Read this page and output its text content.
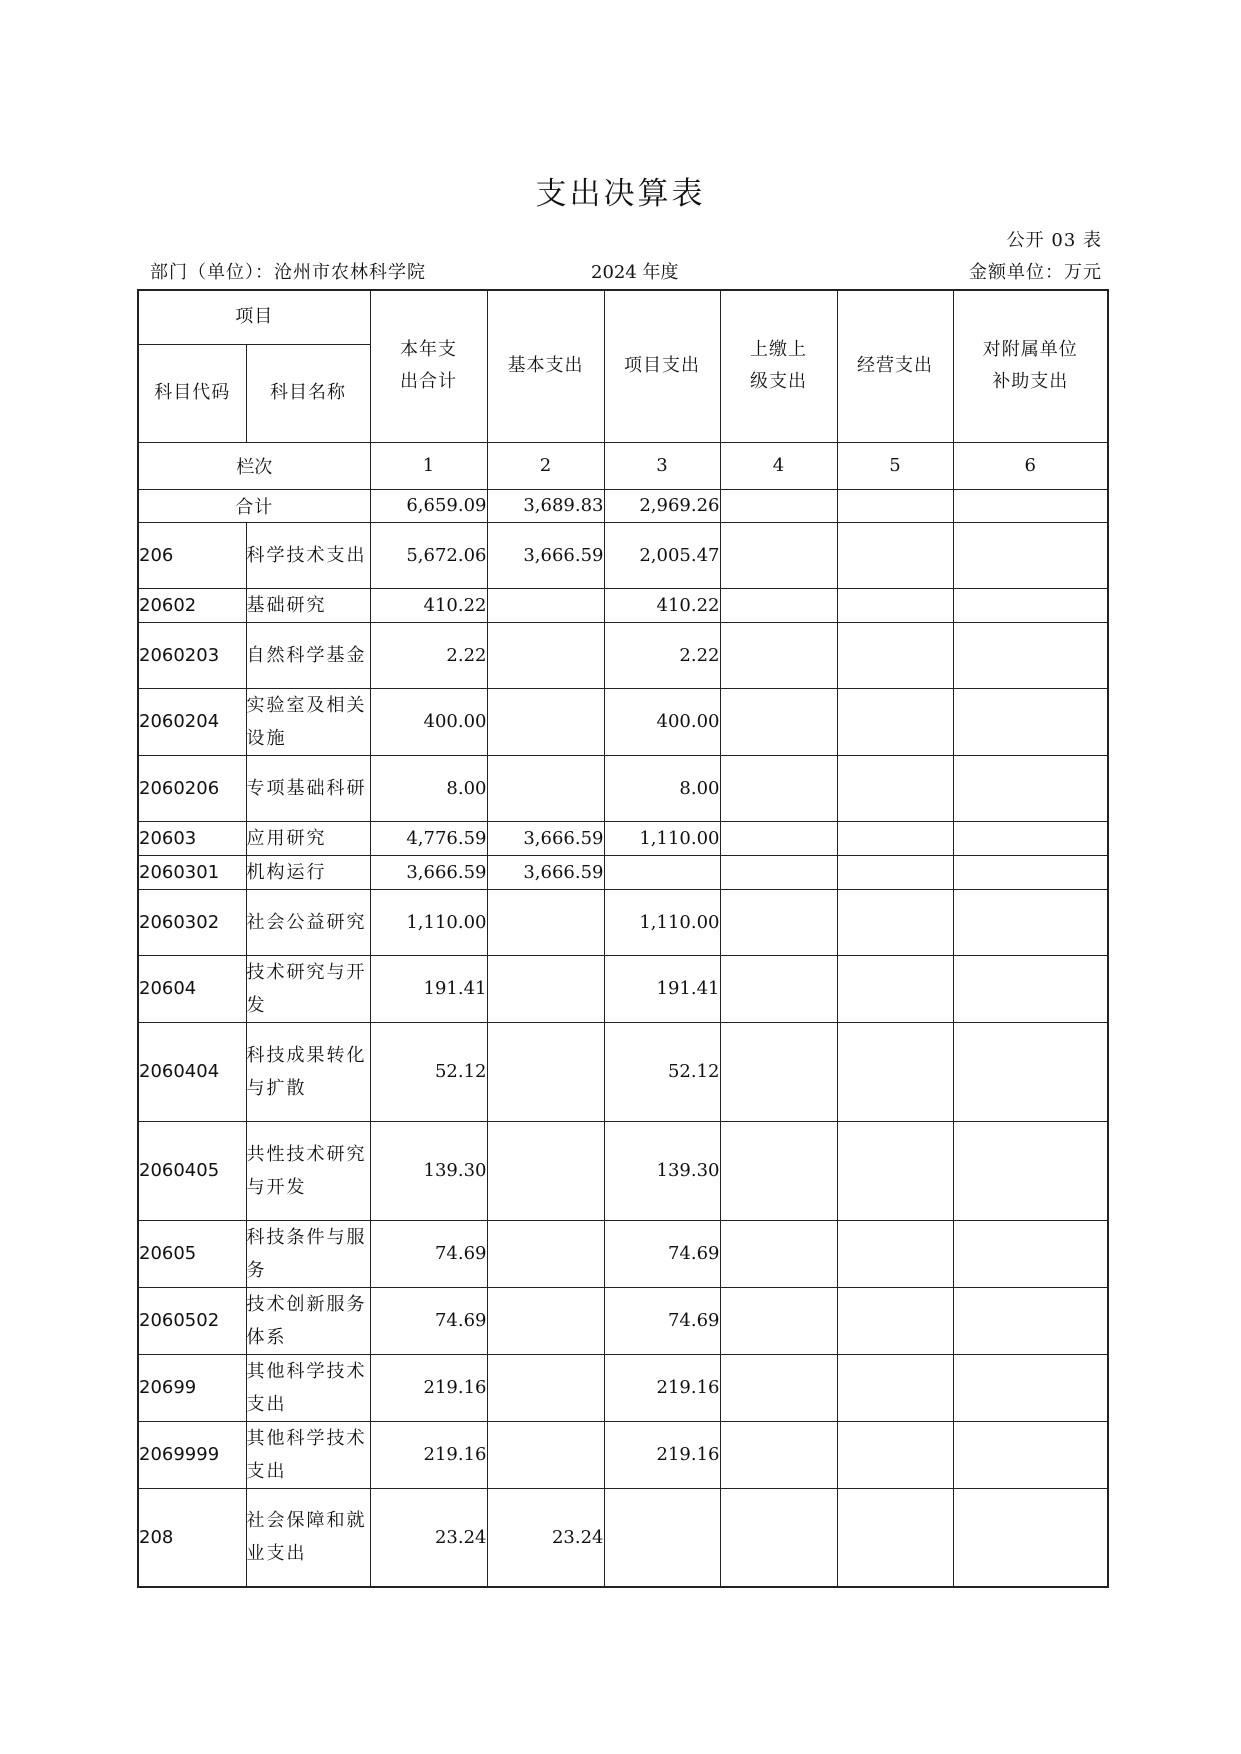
支出决算表
公开 03 表
部门（单位）：沧州市农林科学院	2024 年度	金额单位：万元
项目		本年支出合计	基本支出	项目支出	上缴上级支出	经营支出	对附属单位补助支出

科目代码	科目名称						
栏次		1	2	3	4	5	6
合计		6,659.09	3,689.83	2,969.26			
206	科学技术支出	5,672.06	3,666.59	2,005.47			
20602	基础研究	410.22		410.22			
2060203	自然科学基金	2.22		2.22			
2060204	实验室及相关设施	400.00		400.00			
2060206	专项基础科研	8.00		8.00			
20603	应用研究	4,776.59	3,666.59	1,110.00			
2060301	机构运行	3,666.59	3,666.59				
2060302	社会公益研究	1,110.00		1,110.00			
20604	技术研究与开发	191.41		191.41			
2060404	科技成果转化与扩散	52.12		52.12			
2060405	共性技术研究与开发	139.30		139.30			
20605	科技条件与服务	74.69		74.69			
2060502	技术创新服务体系	74.69		74.69			
20699	其他科学技术支出	219.16		219.16			
2069999	其他科学技术支出	219.16		219.16			
208	社会保障和就业支出	23.24	23.24				
